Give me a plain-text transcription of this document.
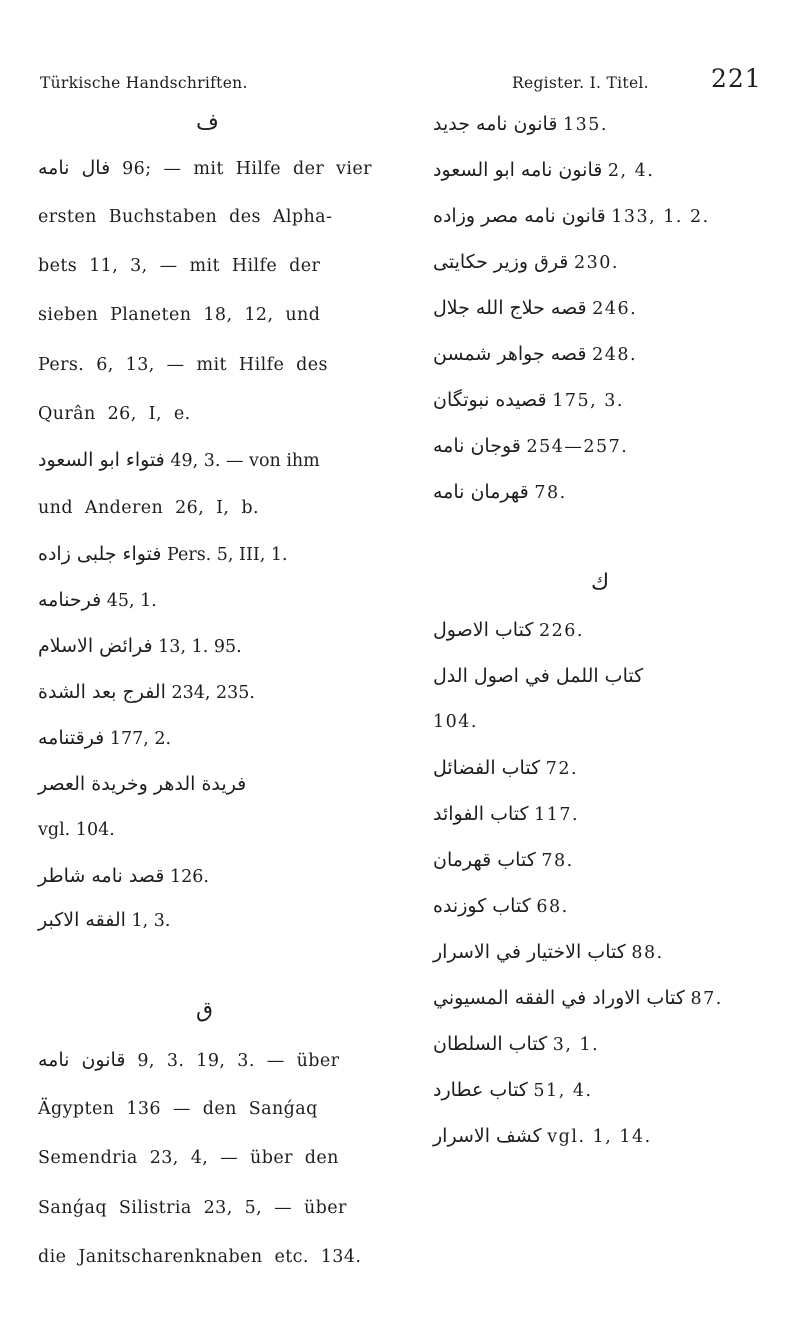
Türkische Handschriften.	Register. I. Titel. 221
ف
فال نامه 96; — mit Hilfe der vier
ersten Buchstaben des Alpha-
bets 11, 3, — mit Hilfe der
sieben Planeten 18, 12, und
Pers. 6, 13, — mit Hilfe des
Qurân 26, I, e.
فتواء ابو السعود 49, 3. — von ihm
und Anderen 26, I, b.
فتواء جلبی زاده Pers. 5, III, 1.
فرحنامه 45, 1.
فرائض الاسلام 13, 1. 95.
الفرج بعد الشدة 234, 235.
فرقتنامه 177, 2.
فريدة الدهر وخريدة العصر
vgl. 104.
قصد نامه شاطر 126.
الفقه الاكبر 1, 3.
ق
قانون نامه 9, 3. 19, 3. — über
Ägypten 136 — den Sanǵaq
Semendria 23, 4, — über den
Sanǵaq Silistria 23, 5, — über
die Janitscharenknaben etc. 134.
قانون نامه جديد 135.
قانون نامه ابو السعود 2, 4.
قانون نامه مصر وزاده 133, 1. 2.
قرق وزير حكايتی 230.
قصه حلاج الله جلال 246.
قصه جواهر شمسن 248.
قصيده نبوتگان 175, 3.
قوجان نامه 254—257.
قهرمان نامه 78.
ك
كتاب الاصول 226.
كتاب اللمل في اصول الدل
104.
كتاب الفضائل 72.
كتاب الفوائد 117.
كتاب قهرمان 78.
كتاب كوزنده 68.
كتاب الاختيار في الاسرار 88.
كتاب الاوراد في الفقه المسيوني 87.
كتاب السلطان 3, 1.
كتاب عطارد 51, 4.
كشف الاسرار vgl. 1, 14.
